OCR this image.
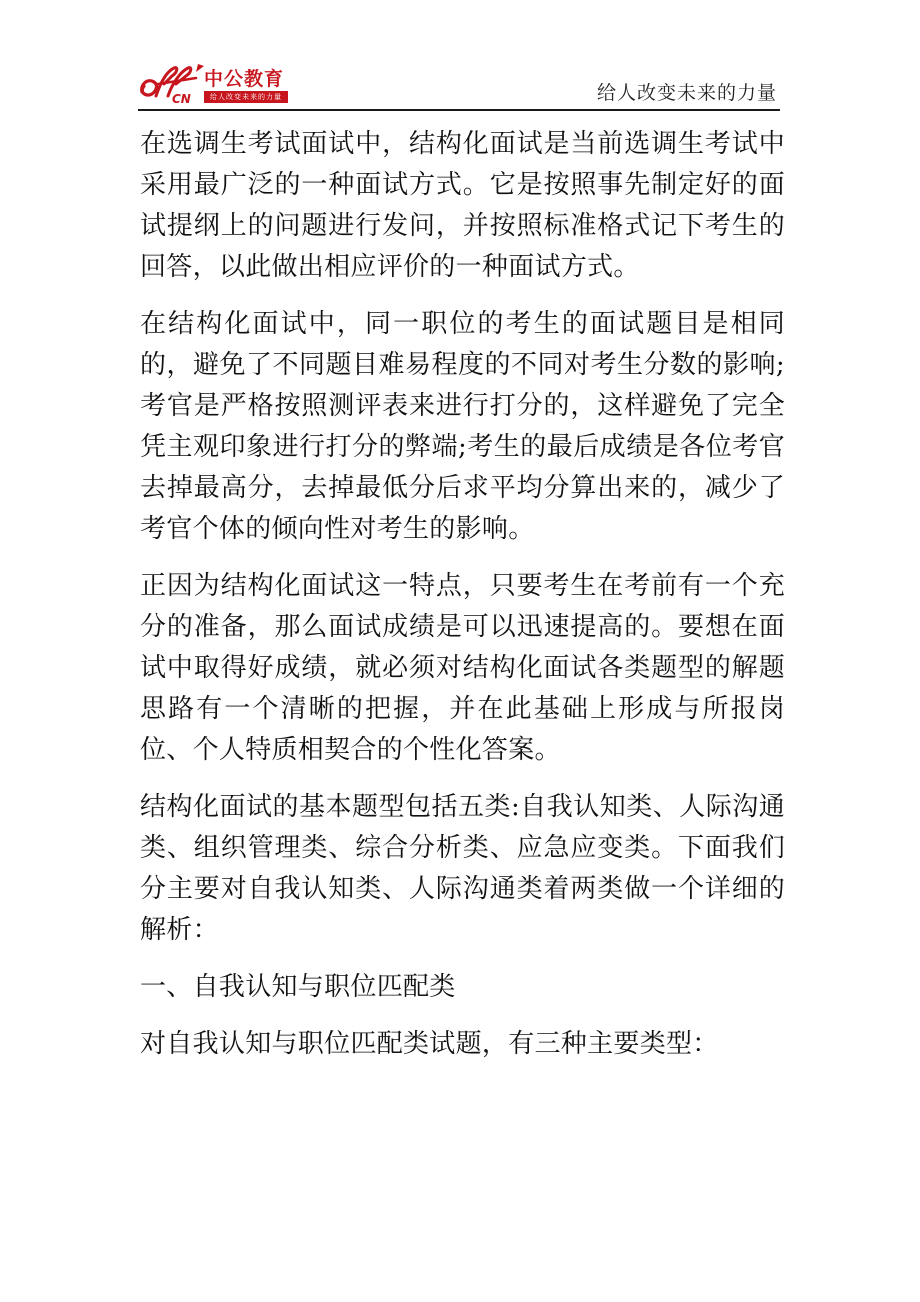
CN
中公教育
给人改变未来的力量	给人改变未来的力量

在选调生考试面试中，结构化面试是当前选调生考试中采用最广泛的一种面试方式。它是按照事先制定好的面试提纲上的问题进行发问，并按照标准格式记下考生的回答，以此做出相应评价的一种面试方式。

在结构化面试中，同一职位的考生的面试题目是相同的，避免了不同题目难易程度的不同对考生分数的影响;考官是严格按照测评表来进行打分的，这样避免了完全凭主观印象进行打分的弊端;考生的最后成绩是各位考官去掉最高分，去掉最低分后求平均分算出来的，减少了考官个体的倾向性对考生的影响。

正因为结构化面试这一特点，只要考生在考前有一个充分的准备，那么面试成绩是可以迅速提高的。要想在面试中取得好成绩，就必须对结构化面试各类题型的解题思路有一个清晰的把握，并在此基础上形成与所报岗位、个人特质相契合的个性化答案。

结构化面试的基本题型包括五类:自我认知类、人际沟通类、组织管理类、综合分析类、应急应变类。下面我们分主要对自我认知类、人际沟通类着两类做一个详细的解析：

一、自我认知与职位匹配类

对自我认知与职位匹配类试题，有三种主要类型：
